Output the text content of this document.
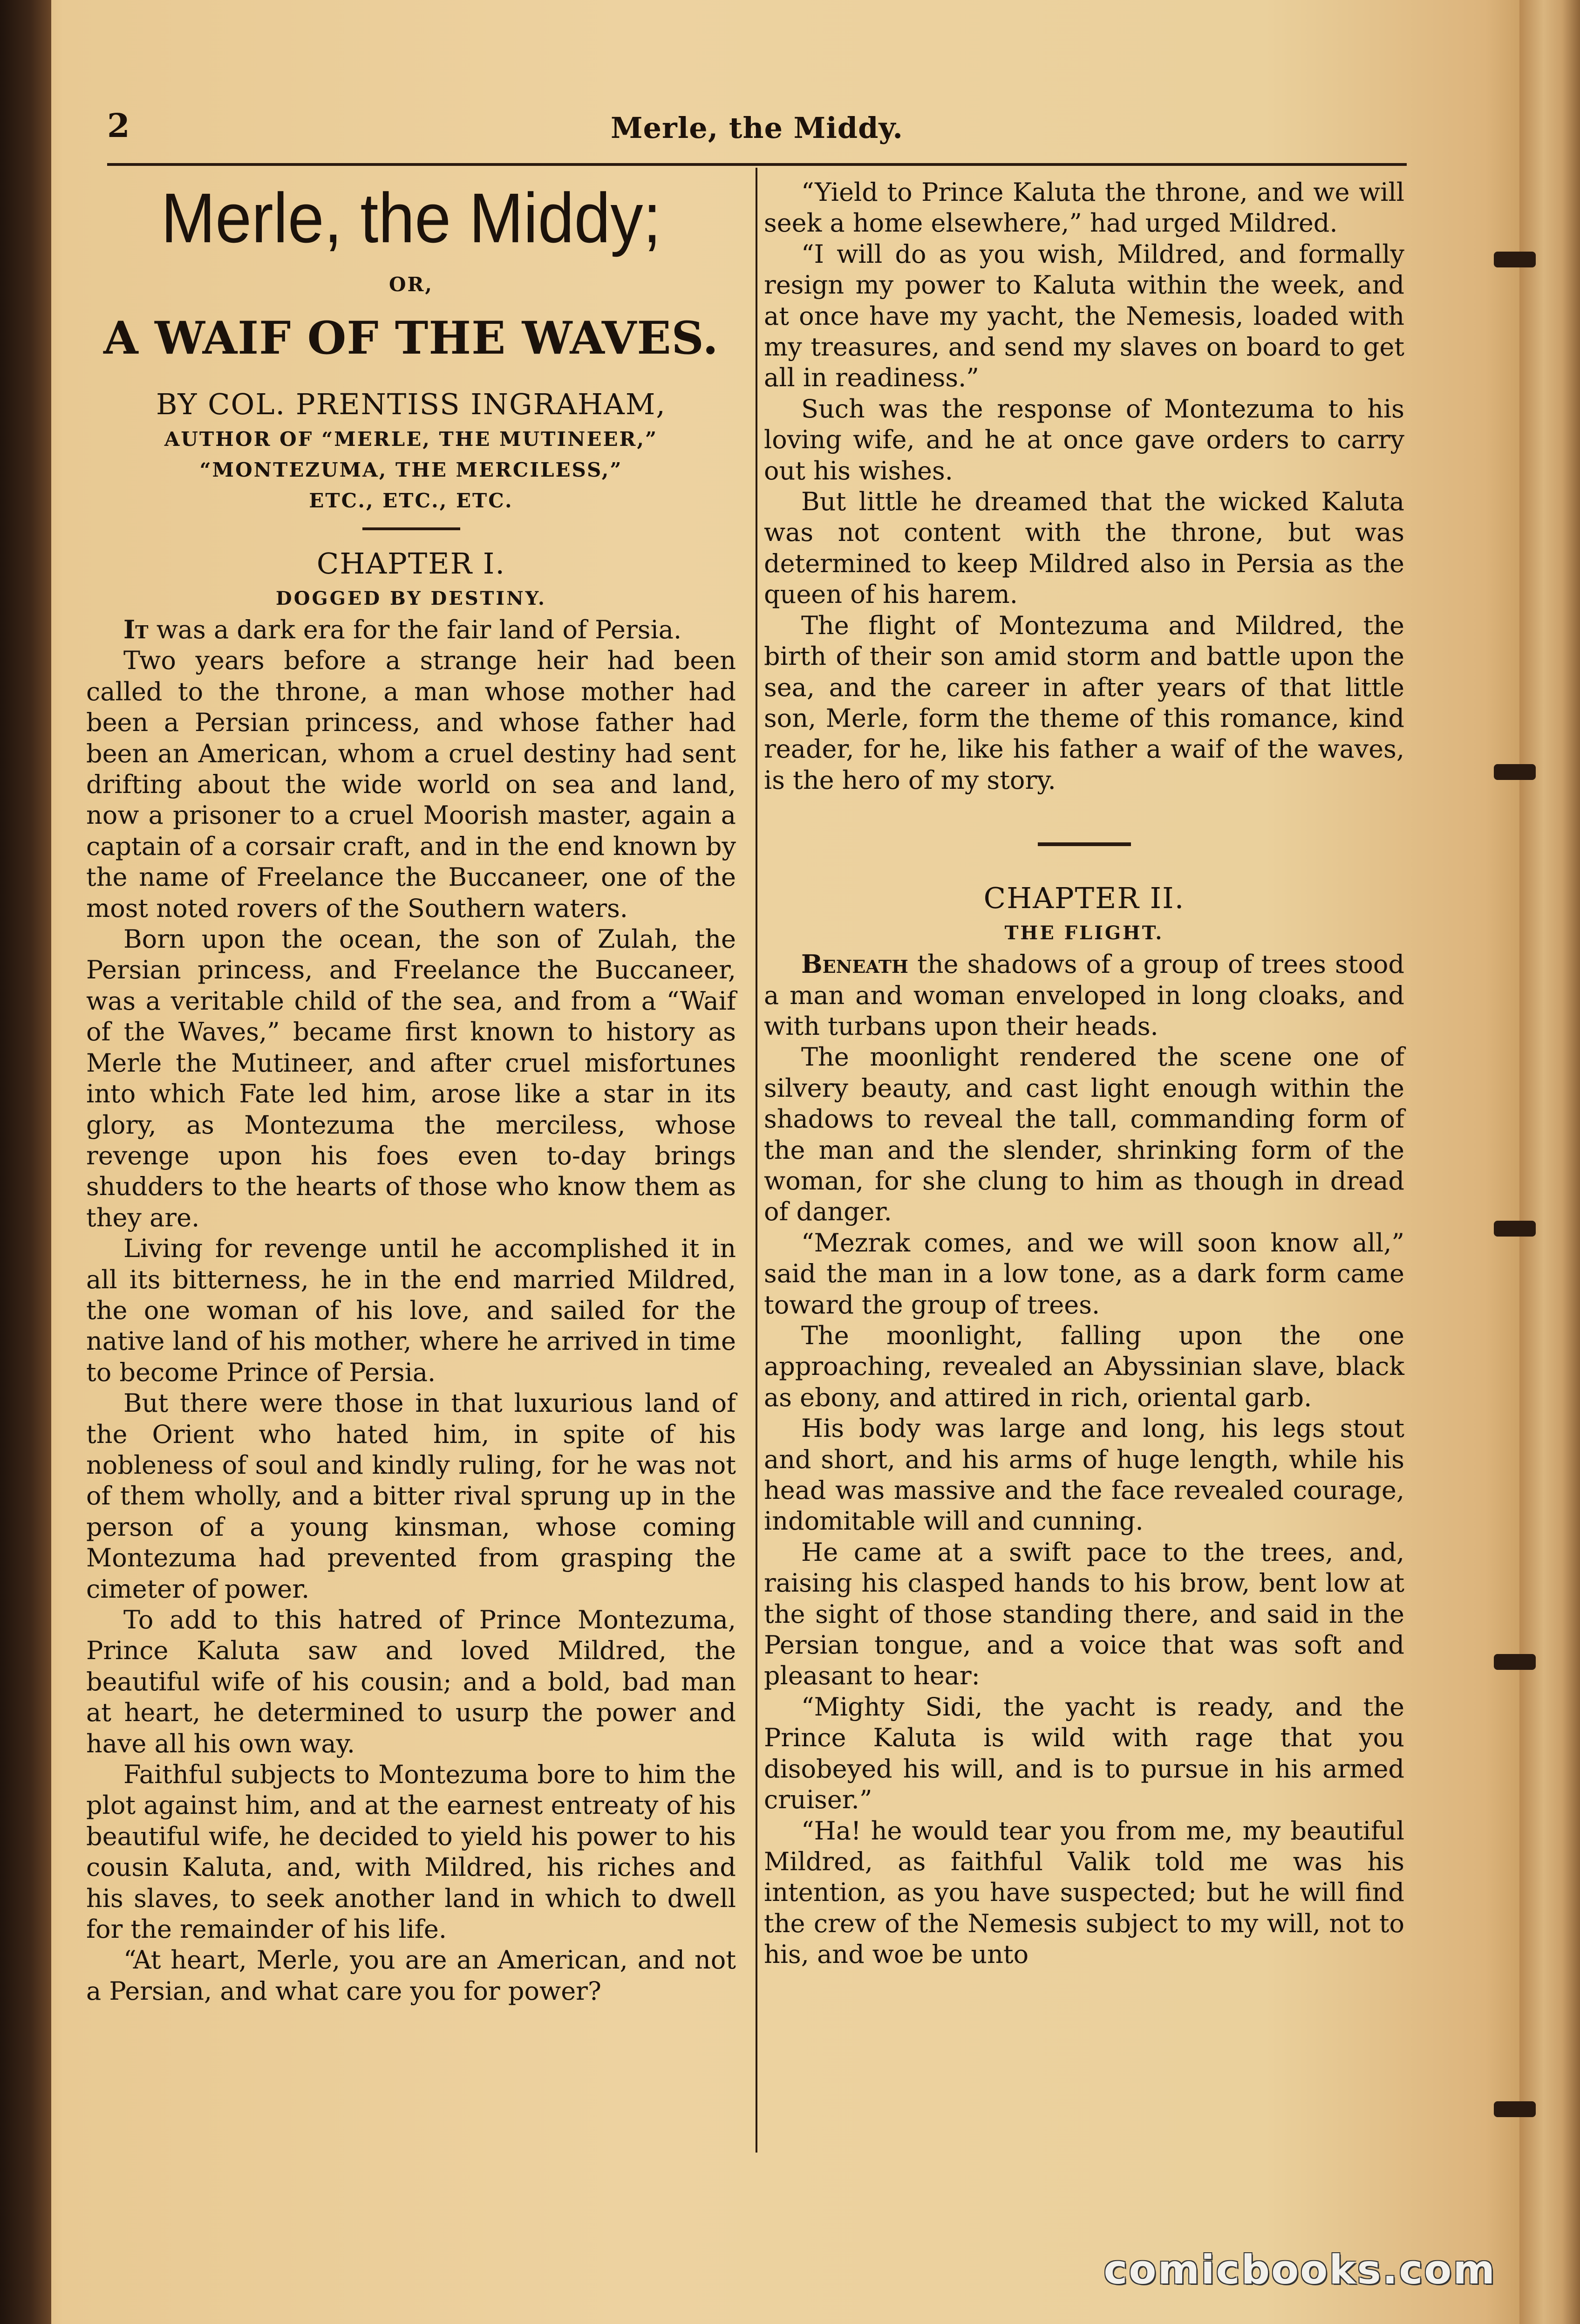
2	Merle, the Middy.
Merle, the Middy;
OR,
A WAIF OF THE WAVES.
BY COL. PRENTISS INGRAHAM,
AUTHOR OF “MERLE, THE MUTINEER,”
“MONTEZUMA, THE MERCILESS,”
ETC., ETC., ETC.
CHAPTER I.
DOGGED BY DESTINY.

It was a dark era for the fair land of Persia.

Two years before a strange heir had been called to the throne, a man whose mother had been a Persian princess, and whose father had been an American, whom a cruel destiny had sent drifting about the wide world on sea and land, now a prisoner to a cruel Moorish master, again a captain of a corsair craft, and in the end known by the name of Freelance the Buccaneer, one of the most noted rovers of the Southern waters.

Born upon the ocean, the son of Zulah, the Persian princess, and Freelance the Buccaneer, was a veritable child of the sea, and from a “Waif of the Waves,” became first known to history as Merle the Mutineer, and after cruel misfortunes into which Fate led him, arose like a star in its glory, as Montezuma the merciless, whose revenge upon his foes even to-day brings shudders to the hearts of those who know them as they are.

Living for revenge until he accomplished it in all its bitterness, he in the end married Mildred, the one woman of his love, and sailed for the native land of his mother, where he arrived in time to become Prince of Persia.

But there were those in that luxurious land of the Orient who hated him, in spite of his nobleness of soul and kindly ruling, for he was not of them wholly, and a bitter rival sprung up in the person of a young kinsman, whose coming Montezuma had prevented from grasping the cimeter of power.

To add to this hatred of Prince Montezuma, Prince Kaluta saw and loved Mildred, the beautiful wife of his cousin; and a bold, bad man at heart, he determined to usurp the power and have all his own way.

Faithful subjects to Montezuma bore to him the plot against him, and at the earnest entreaty of his beautiful wife, he decided to yield his power to his cousin Kaluta, and, with Mildred, his riches and his slaves, to seek another land in which to dwell for the remainder of his life.

“At heart, Merle, you are an American, and not a Persian, and what care you for power?

“Yield to Prince Kaluta the throne, and we will seek a home elsewhere,” had urged Mildred.

“I will do as you wish, Mildred, and formally resign my power to Kaluta within the week, and at once have my yacht, the Nemesis, loaded with my treasures, and send my slaves on board to get all in readiness.”

Such was the response of Montezuma to his loving wife, and he at once gave orders to carry out his wishes.

But little he dreamed that the wicked Kaluta was not content with the throne, but was determined to keep Mildred also in Persia as the queen of his harem.

The flight of Montezuma and Mildred, the birth of their son amid storm and battle upon the sea, and the career in after years of that little son, Merle, form the theme of this romance, kind reader, for he, like his father a waif of the waves, is the hero of my story.

CHAPTER II.
THE FLIGHT.

Beneath the shadows of a group of trees stood a man and woman enveloped in long cloaks, and with turbans upon their heads.

The moonlight rendered the scene one of silvery beauty, and cast light enough within the shadows to reveal the tall, commanding form of the man and the slender, shrinking form of the woman, for she clung to him as though in dread of danger.

“Mezrak comes, and we will soon know all,” said the man in a low tone, as a dark form came toward the group of trees.

The moonlight, falling upon the one approaching, revealed an Abyssinian slave, black as ebony, and attired in rich, oriental garb.

His body was large and long, his legs stout and short, and his arms of huge length, while his head was massive and the face revealed courage, indomitable will and cunning.

He came at a swift pace to the trees, and, raising his clasped hands to his brow, bent low at the sight of those standing there, and said in the Persian tongue, and a voice that was soft and pleasant to hear:

“Mighty Sidi, the yacht is ready, and the Prince Kaluta is wild with rage that you disobeyed his will, and is to pursue in his armed cruiser.”

“Ha! he would tear you from me, my beautiful Mildred, as faithful Valik told me was his intention, as you have suspected; but he will find the crew of the Nemesis subject to my will, not to his, and woe be unto

comicbooks.com
